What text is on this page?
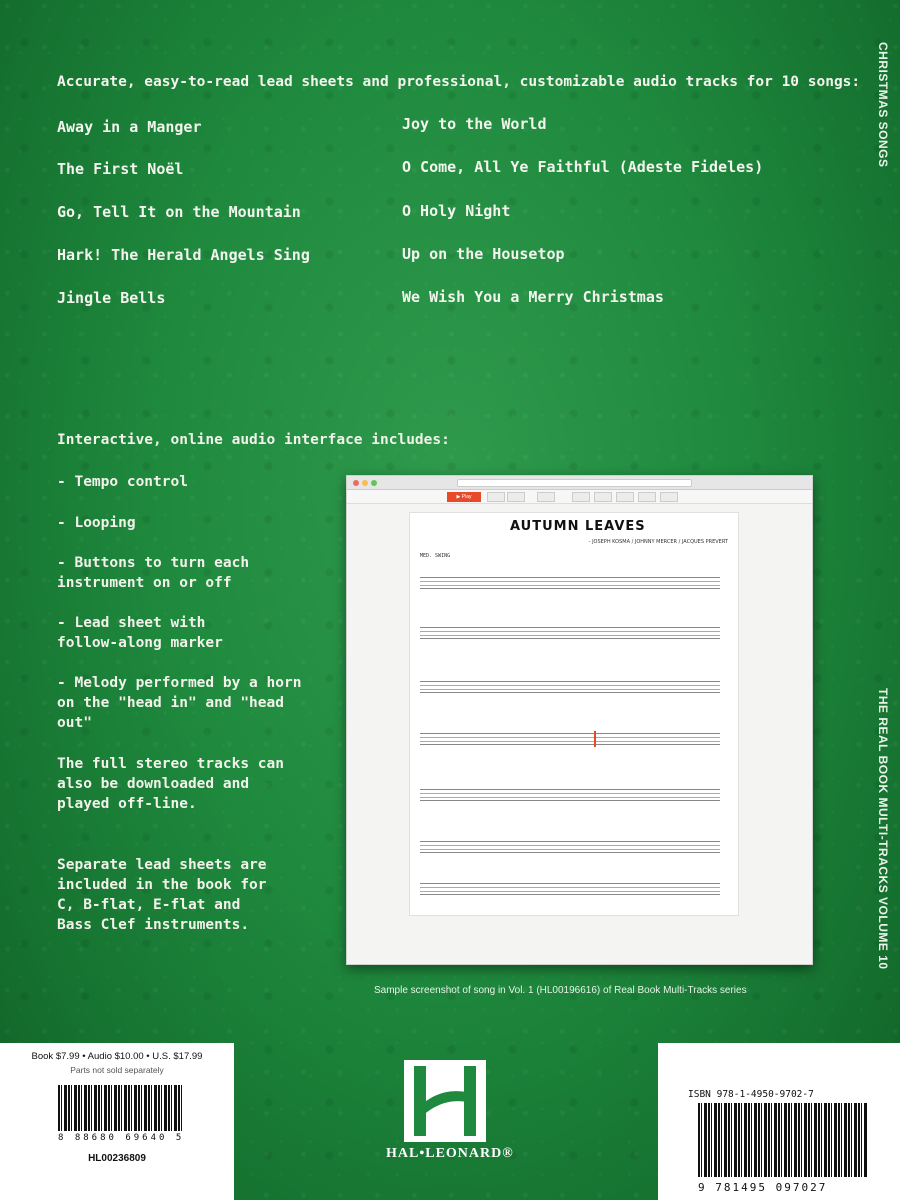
Accurate, easy-to-read lead sheets and professional, customizable audio tracks for 10 songs:
Away in a Manger
The First Noël
Go, Tell It on the Mountain
Hark! The Herald Angels Sing
Jingle Bells
Joy to the World
O Come, All Ye Faithful (Adeste Fideles)
O Holy Night
Up on the Housetop
We Wish You a Merry Christmas
Interactive, online audio interface includes:
- Tempo control
- Looping
- Buttons to turn each instrument on or off
- Lead sheet with follow-along marker
- Melody performed by a horn on the "head in" and "head out"
The full stereo tracks can also be downloaded and played off-line.
Separate lead sheets are included in the book for C, B-flat, E-flat and Bass Clef instruments.
CHRISTMAS SONGS
THE REAL BOOK MULTI-TRACKS VOLUME 10
▶ Play
AUTUMN LEAVES
- JOSEPH KOSMA / JOHNNY MERCER / JACQUES PREVERT
MED. SWING
Sample screenshot of song in Vol. 1 (HL00196616) of Real Book Multi-Tracks series
Book $7.99 • Audio $10.00 • U.S. $17.99
Parts not sold separately
8 88680 69640 5
HL00236809	HAL•LEONARD®
ISBN 978-1-4950-9702-7
9 781495 097027
